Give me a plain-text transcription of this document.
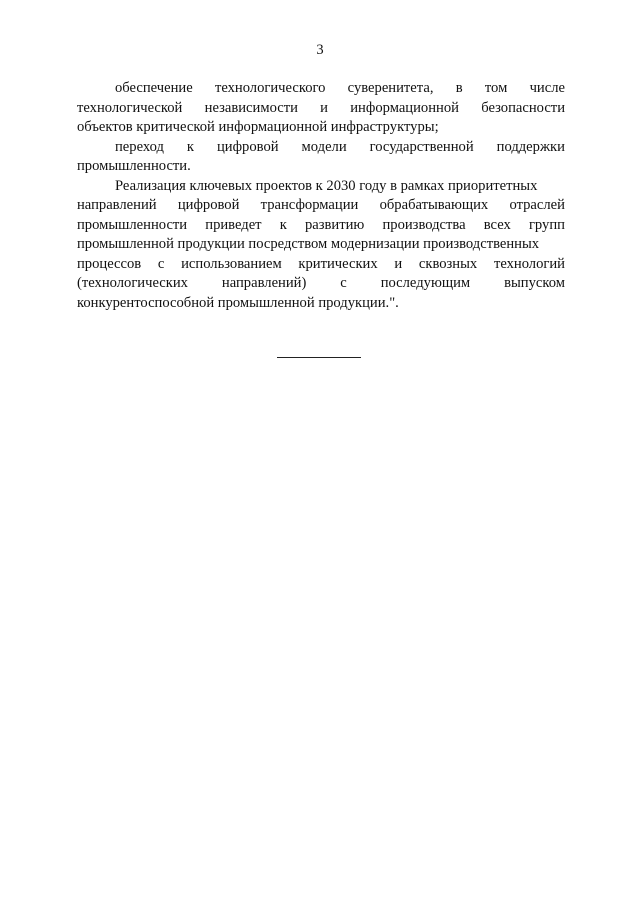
3
обеспечение технологического суверенитета, в том числе
технологической независимости и информационной безопасности
объектов критической информационной инфраструктуры;
переход к цифровой модели государственной поддержки
промышленности.
Реализация ключевых проектов к 2030 году в рамках приоритетных
направлений цифровой трансформации обрабатывающих отраслей
промышленности приведет к развитию производства всех групп
промышленной продукции посредством модернизации производственных
процессов с использованием критических и сквозных технологий
(технологических направлений) с последующим выпуском
конкурентоспособной промышленной продукции.".
